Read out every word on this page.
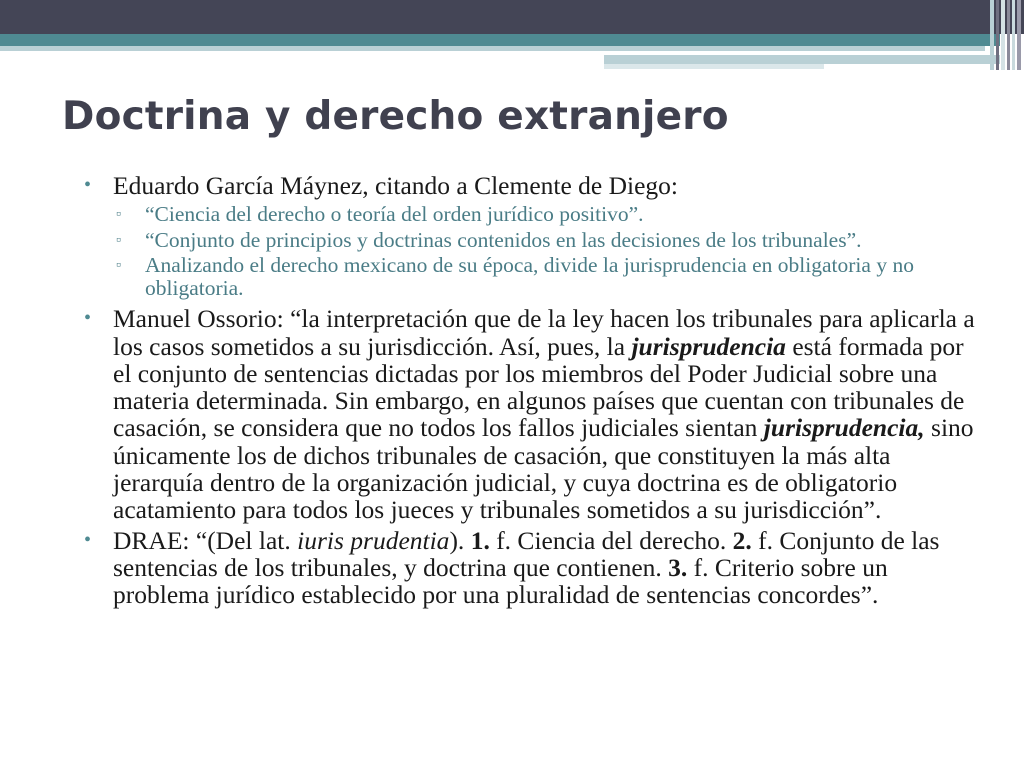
Doctrina y derecho extranjero
• Eduardo García Máynez, citando a Clemente de Diego:
▫ “Ciencia del derecho o teoría del orden jurídico positivo”.
▫ “Conjunto de principios y doctrinas contenidos en las decisiones de los tribunales”.
▫ Analizando el derecho mexicano de su época, divide la jurisprudencia en obligatoria y no obligatoria.
• Manuel Ossorio: “la interpretación que de la ley hacen los tribunales para aplicarla a los casos sometidos a su jurisdicción. Así, pues, la jurisprudencia está formada por el conjunto de sentencias dictadas por los miembros del Poder Judicial sobre una materia determinada. Sin embargo, en algunos países que cuentan con tribunales de casación, se considera que no todos los fallos judiciales sientan jurisprudencia, sino únicamente los de dichos tribunales de casación, que constituyen la más alta jerarquía dentro de la organización judicial, y cuya doctrina es de obligatorio acatamiento para todos los jueces y tribunales sometidos a su jurisdicción”.
• DRAE: “(Del lat. iuris prudentia). 1. f. Ciencia del derecho. 2. f. Conjunto de las sentencias de los tribunales, y doctrina que contienen. 3. f. Criterio sobre un problema jurídico establecido por una pluralidad de sentencias concordes”.
